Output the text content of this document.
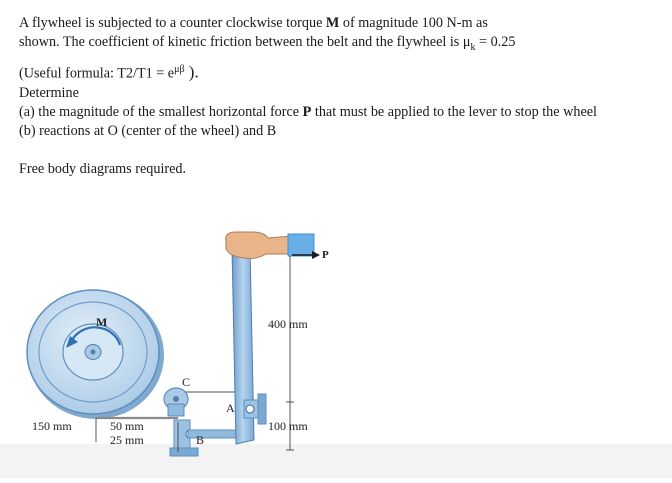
A flywheel is subjected to a counter clockwise torque M of magnitude 100 N-m as

shown. The coefficient of kinetic friction between the belt and the flywheel is $\mu_k = 0.25$

(Useful formula: $T2/T1 = e^{\mu\beta}$ ).

Determine

(a) the magnitude of the smallest horizontal force P that must be applied to the lever to stop the wheel

(b) reactions at O (center of the wheel) and B

Free body diagrams required.

M
C
A
B
P
400 mm
100 mm
150 mm	50 mm
25 mm
